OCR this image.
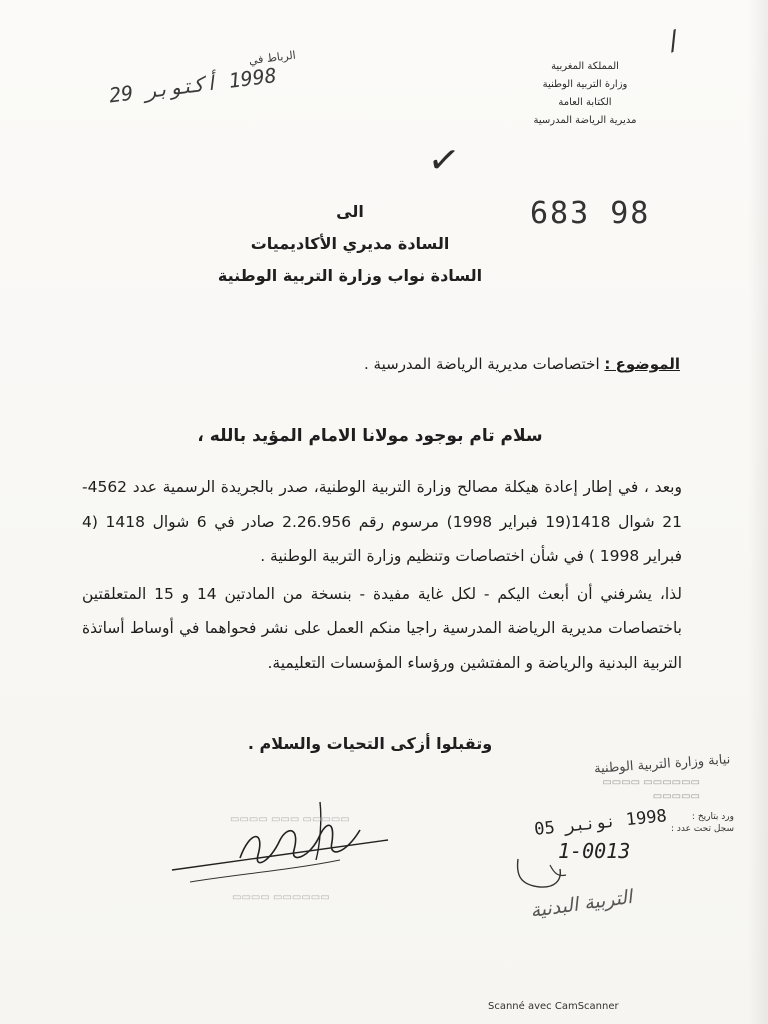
⁄⁄
المملكة المغربية
وزارة التربية الوطنية
الكتابة العامة
مديرية الرياضة المدرسية
الرباط في
1998 أكتوبر 29
✓
683 98
الى
السادة مديري الأكاديميات
السادة نواب وزارة التربية الوطنية
الموضوع : اختصاصات مديرية الرياضة المدرسية .
سلام تام بوجود مولانا الامام المؤيد بالله ،

وبعد ، في إطار إعادة هيكلة مصالح وزارة التربية الوطنية، صدر بالجريدة الرسمية عدد 4562-21 شوال 1418(19 فبراير 1998) مرسوم رقم 2.26.956 صادر في 6 شوال 1418 (4 فبراير 1998 ) في شأن اختصاصات وتنظيم وزارة التربية الوطنية .

لذا، يشرفني أن أبعث اليكم - لكل غاية مفيدة - بنسخة من المادتين 14 و 15 المتعلقتين باختصاصات مديرية الرياضة المدرسية راجيا منكم العمل على نشر فحواهما في أوساط أساتذة التربية البدنية والرياضة و المفتشين ورؤساء المؤسسات التعليمية.

وتقبلوا أزكى التحيات والسلام .
▭▭▭▭ ▭▭▭ ▭▭▭▭▭
▭▭▭▭ ▭▭▭▭▭▭
نيابة وزارة التربية الوطنية
▭▭▭▭ ▭▭▭▭▭▭
▭▭▭▭▭
ورد بتاريخ :
سجل تحت عدد :
1998 نونبر 05
1-0013
التربية البدنية
Scanné avec CamScanner
